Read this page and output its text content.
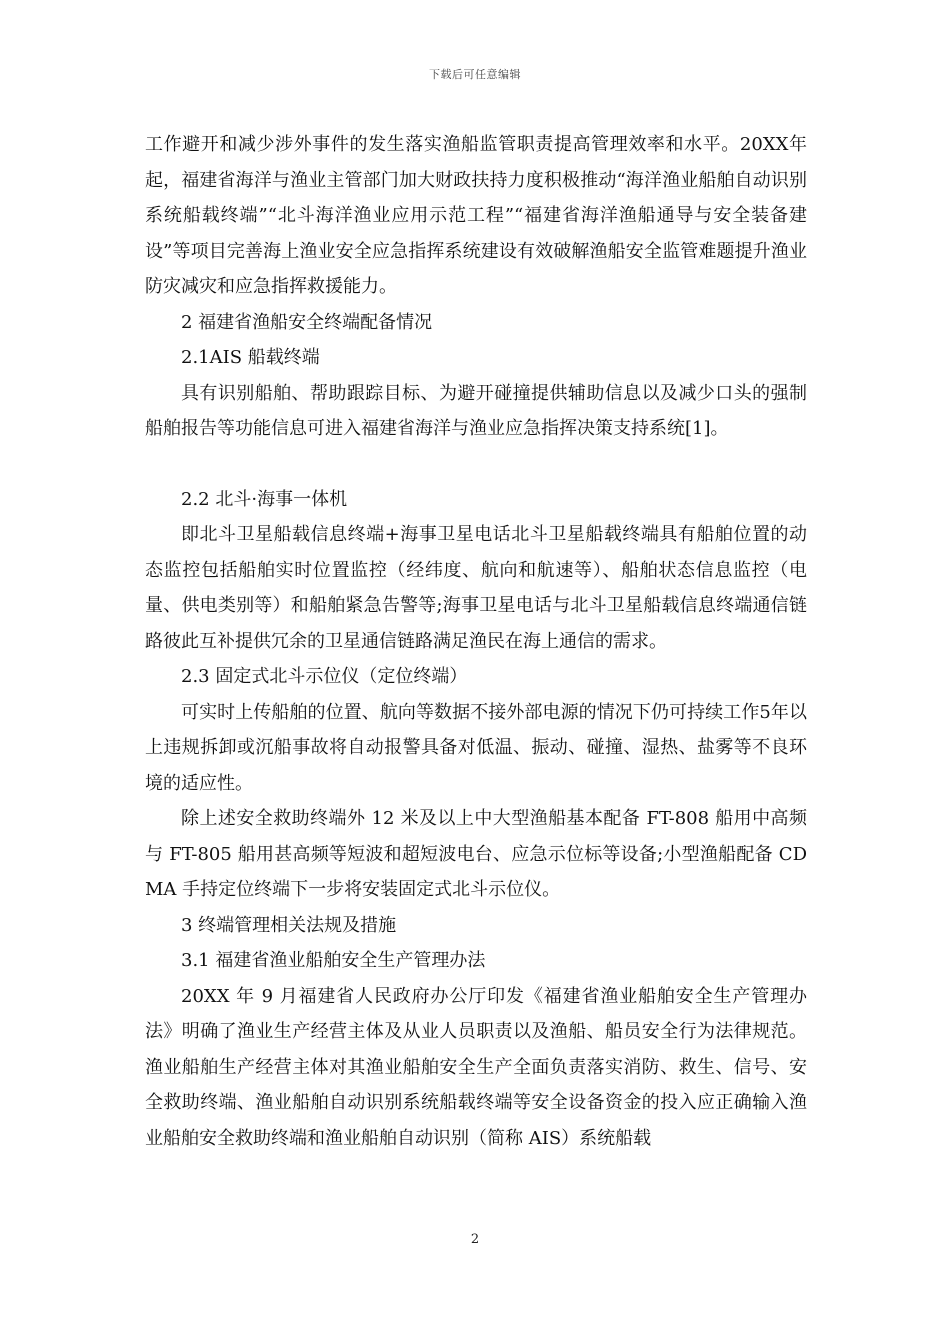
下载后可任意编辑

工作避开和减少涉外事件的发生落实渔船监管职责提高管理效率和水平。20XX年起，福建省海洋与渔业主管部门加大财政扶持力度积极推动“海洋渔业船舶自动识别系统船载终端”“北斗海洋渔业应用示范工程”“福建省海洋渔船通导与安全装备建设”等项目完善海上渔业安全应急指挥系统建设有效破解渔船安全监管难题提升渔业防灾减灾和应急指挥救援能力。

2 福建省渔船安全终端配备情况

2.1AIS 船载终端

具有识别船舶、帮助跟踪目标、为避开碰撞提供辅助信息以及减少口头的强制船舶报告等功能信息可进入福建省海洋与渔业应急指挥决策支持系统[1]。

2.2 北斗·海事一体机

即北斗卫星船载信息终端+海事卫星电话北斗卫星船载终端具有船舶位置的动态监控包括船舶实时位置监控（经纬度、航向和航速等）、船舶状态信息监控（电量、供电类别等）和船舶紧急告警等;海事卫星电话与北斗卫星船载信息终端通信链路彼此互补提供冗余的卫星通信链路满足渔民在海上通信的需求。

2.3 固定式北斗示位仪（定位终端）

可实时上传船舶的位置、航向等数据不接外部电源的情况下仍可持续工作5年以上违规拆卸或沉船事故将自动报警具备对低温、振动、碰撞、湿热、盐雾等不良环境的适应性。

除上述安全救助终端外 12 米及以上中大型渔船基本配备 FT-808 船用中高频与 FT-805 船用甚高频等短波和超短波电台、应急示位标等设备;小型渔船配备 CDMA 手持定位终端下一步将安装固定式北斗示位仪。

3 终端管理相关法规及措施

3.1 福建省渔业船舶安全生产管理办法

20XX 年 9 月福建省人民政府办公厅印发《福建省渔业船舶安全生产管理办法》明确了渔业生产经营主体及从业人员职责以及渔船、船员安全行为法律规范。渔业船舶生产经营主体对其渔业船舶安全生产全面负责落实消防、救生、信号、安全救助终端、渔业船舶自动识别系统船载终端等安全设备资金的投入应正确输入渔业船舶安全救助终端和渔业船舶自动识别（简称 AIS）系统船载

2
